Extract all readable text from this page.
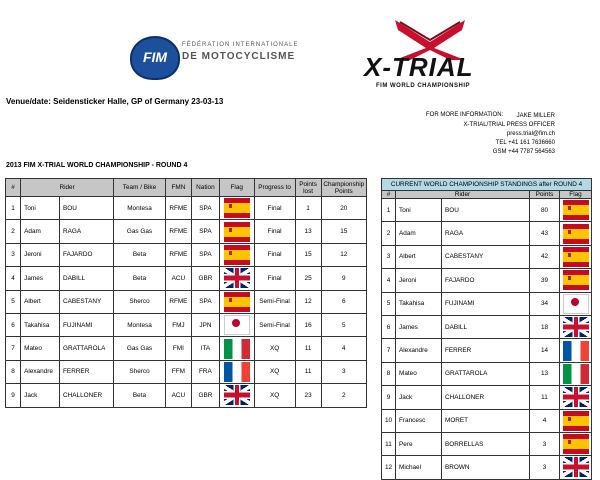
FIM
FÉDÉRATION INTERNATIONALE
DE MOTOCYCLISME	X-TRIAL
FIM WORLD CHAMPIONSHIP
Venue/date: Seidensticker Halle, GP of Germany 23-03-13
FOR MORE INFORMATION:	JAKE MILLER
X-TRIAL/TRIAL PRESS OFFICER
press.trial@fim.ch
TEL +41 161 7636660
GSM +44 7787 564563
2013 FIM X-TRIAL WORLD CHAMPIONSHIP - ROUND 4
#	Rider		Team / Bike	FMN	Nation	Flag	Progress to	Points lost	Championship Points
1	Toni	BOU	Montesa	RFME	SPA		Final	1	20
2	Adam	RAGA	Gas Gas	RFME	SPA		Final	13	15
3	Jeroni	FAJARDO	Beta	RFME	SPA		Final	15	12
4	James	DABILL	Beta	ACU	GBR		Final	25	9
5	Albert	CABESTANY	Sherco	RFME	SPA		Semi-Final	12	6
6	Takahisa	FUJINAMI	Montesa	FMJ	JPN		Semi-Final	16	5
7	Mateo	GRATTAROLA	Gas Gas	FMI	ITA		XQ	11	4
8	Alexandre	FERRER	Sherco	FFM	FRA		XQ	11	3
9	Jack	CHALLONER	Beta	ACU	GBR		XQ	23	2
CURRENT WORLD CHAMPIONSHIP STANDINGS after ROUND 4				
#	Rider		Points	Flag
1	Toni	BOU	80	
2	Adam	RAGA	43	
3	Albert	CABESTANY	42	
4	Jeroni	FAJARDO	39	
5	Takahisa	FUJINAMI	34	
6	James	DABILL	18	
7	Alexandre	FERRER	14	
8	Mateo	GRATTAROLA	13	
9	Jack	CHALLONER	11	
10	Francesc	MORET	4	
11	Pere	BORRELLAS	3	
12	Michael	BROWN	3	
